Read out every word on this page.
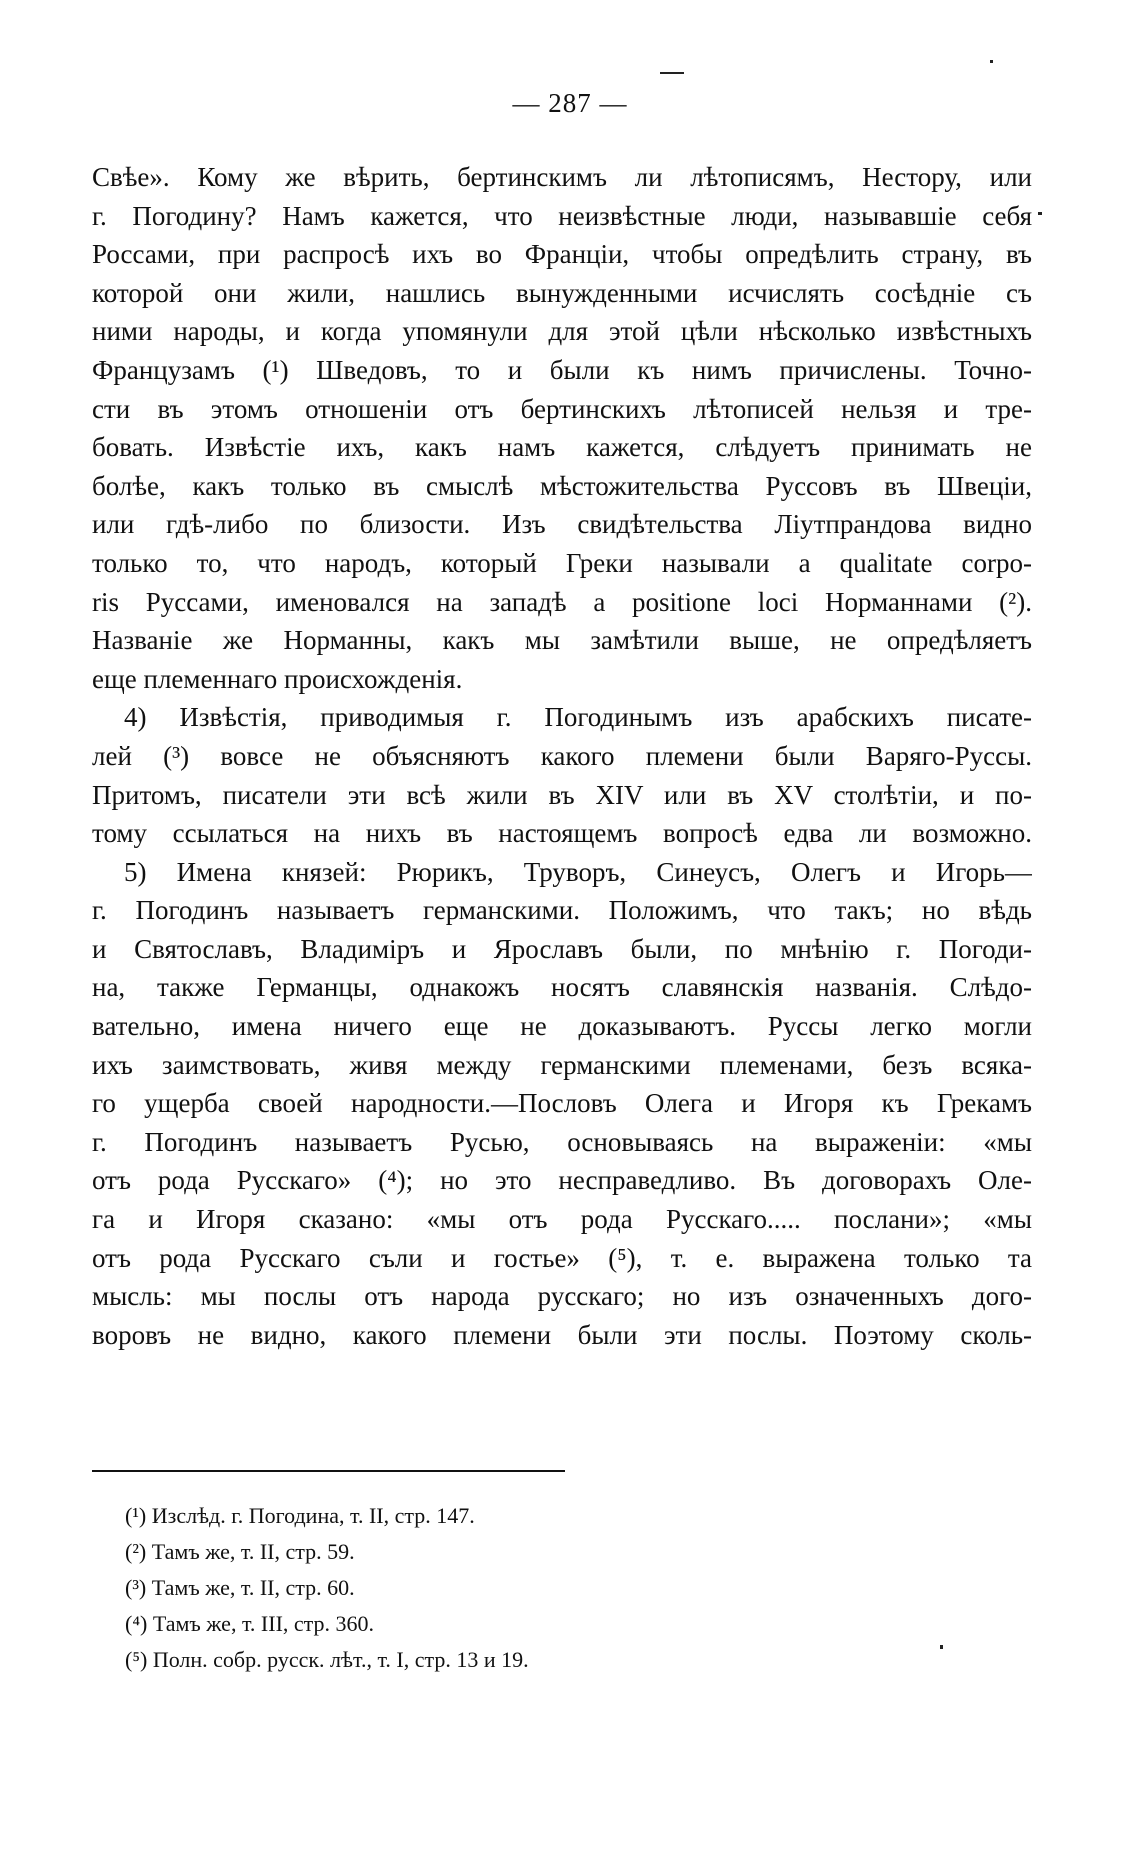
— 287 —
Свѣе». Кому же вѣрить, бертинскимъ ли лѣтописямъ, Нестору, или
г. Погодину? Намъ кажется, что неизвѣстные люди, называвшіе себя
Россами, при распросѣ ихъ во Франціи, чтобы опредѣлить страну, въ
которой они жили, нашлись вынужденными исчислять сосѣдніе съ
ними народы, и когда упомянули для этой цѣли нѣсколько извѣстныхъ
Французамъ (¹) Шведовъ, то и были къ нимъ причислены. Точно-
сти въ этомъ отношеніи отъ бертинскихъ лѣтописей нельзя и тре-
бовать. Извѣстіе ихъ, какъ намъ кажется, слѣдуетъ принимать не
болѣе, какъ только въ смыслѣ мѣстожительства Руссовъ въ Швеціи,
или гдѣ-либо по близости. Изъ свидѣтельства Лiутпрандова видно
только то, что народъ, который Греки называли a qualitate corpo-
ris Руссами, именовался на западѣ a positione loci Норманнами (²).
Названіе же Норманны, какъ мы замѣтили выше, не опредѣляетъ
еще племеннаго происхожденія.
4) Извѣстія, приводимыя г. Погодинымъ изъ арабскихъ писате-
лей (³) вовсе не объясняютъ какого племени были Варяго-Руссы.
Притомъ, писатели эти всѣ жили въ XIV или въ XV столѣтіи, и по-
тому ссылаться на нихъ въ настоящемъ вопросѣ едва ли возможно.
5) Имена князей: Рюрикъ, Труворъ, Синеусъ, Олегъ и Игорь—
г. Погодинъ называетъ германскими. Положимъ, что такъ; но вѣдь
и Святославъ, Владиміръ и Ярославъ были, по мнѣнію г. Погоди-
на, также Германцы, однакожъ носятъ славянскія названія. Слѣдо-
вательно, имена ничего еще не доказываютъ. Руссы легко могли
ихъ заимствовать, живя между германскими племенами, безъ всяка-
го ущерба своей народности.—Пословъ Олега и Игоря къ Грекамъ
г. Погодинъ называетъ Русью, основываясь на выраженіи: «мы
отъ рода Русскаго» (⁴); но это несправедливо. Въ договорахъ Оле-
га и Игоря сказано: «мы отъ рода Русскаго..... послани»; «мы
отъ рода Русскаго съли и гостье» (⁵), т. е. выражена только та
мысль: мы послы отъ народа русскаго; но изъ означенныхъ дого-
воровъ не видно, какого племени были эти послы. Поэтому сколь-
(¹) Изслѣд. г. Погодина, т. II, стр. 147.
(²) Тамъ же, т. II, стр. 59.
(³) Тамъ же, т. II, стр. 60.
(⁴) Тамъ же, т. III, стр. 360.
(⁵) Полн. собр. русск. лѣт., т. I, стр. 13 и 19.
